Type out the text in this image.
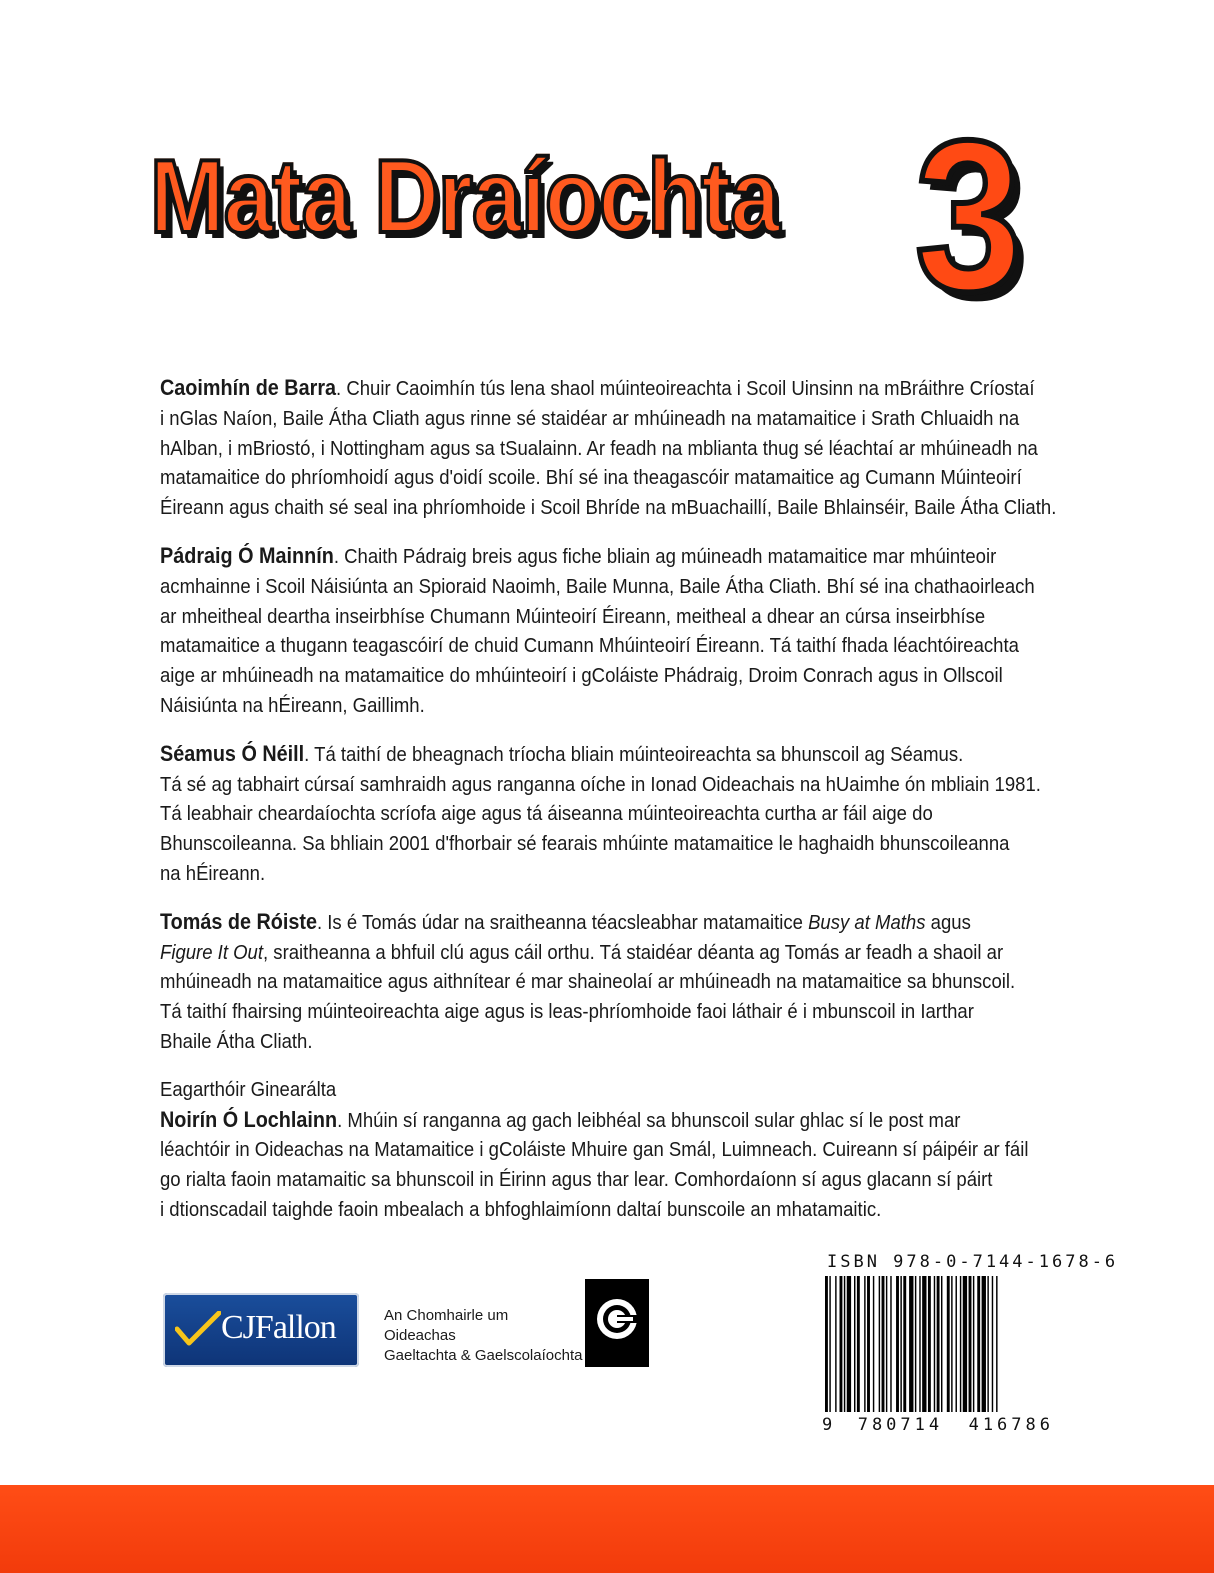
Mata Draíochta 3

Caoimhín de Barra. Chuir Caoimhín tús lena shaol múinteoireachta i Scoil Uinsinn na mBráithre Críostaí
i nGlas Naíon, Baile Átha Cliath agus rinne sé staidéar ar mhúineadh na matamaitice i Srath Chluaidh na
hAlban, i mBriostó, i Nottingham agus sa tSualainn. Ar feadh na mblianta thug sé léachtaí ar mhúineadh na
matamaitice do phríomhoidí agus d'oidí scoile. Bhí sé ina theagascóir matamaitice ag Cumann Múinteoirí
Éireann agus chaith sé seal ina phríomhoide i Scoil Bhríde na mBuachaillí, Baile Bhlainséir, Baile Átha Cliath.

Pádraig Ó Mainnín. Chaith Pádraig breis agus fiche bliain ag múineadh matamaitice mar mhúinteoir
acmhainne i Scoil Náisiúnta an Spioraid Naoimh, Baile Munna, Baile Átha Cliath. Bhí sé ina chathaoirleach
ar mheitheal deartha inseirbhíse Chumann Múinteoirí Éireann, meitheal a dhear an cúrsa inseirbhíse
matamaitice a thugann teagascóirí de chuid Cumann Mhúinteoirí Éireann. Tá taithí fhada léachtóireachta
aige ar mhúineadh na matamaitice do mhúinteoirí i gColáiste Phádraig, Droim Conrach agus in Ollscoil
Náisiúnta na hÉireann, Gaillimh.

Séamus Ó Néill. Tá taithí de bheagnach tríocha bliain múinteoireachta sa bhunscoil ag Séamus.
Tá sé ag tabhairt cúrsaí samhraidh agus ranganna oíche in Ionad Oideachais na hUaimhe ón mbliain 1981.
Tá leabhair cheardaíochta scríofa aige agus tá áiseanna múinteoireachta curtha ar fáil aige do
Bhunscoileanna. Sa bhliain 2001 d'fhorbair sé fearais mhúinte matamaitice le haghaidh bhunscoileanna
na hÉireann.

Tomás de Róiste. Is é Tomás údar na sraitheanna téacsleabhar matamaitice Busy at Maths agus
Figure It Out, sraitheanna a bhfuil clú agus cáil orthu. Tá staidéar déanta ag Tomás ar feadh a shaoil ar
mhúineadh na matamaitice agus aithnítear é mar shaineolaí ar mhúineadh na matamaitice sa bhunscoil.
Tá taithí fhairsing múinteoireachta aige agus is leas-phríomhoide faoi láthair é i mbunscoil in Iarthar
Bhaile Átha Cliath.

Eagarthóir Ginearálta

Noirín Ó Lochlainn. Mhúin sí ranganna ag gach leibhéal sa bhunscoil sular ghlac sí le post mar
léachtóir in Oideachas na Matamaitice i gColáiste Mhuire gan Smál, Luimneach. Cuireann sí páipéir ar fáil
go rialta faoin matamaitic sa bhunscoil in Éirinn agus thar lear. Comhordaíonn sí agus glacann sí páirt
i dtionscadail taighde faoin mbealach a bhfoghlaimíonn daltaí bunscoile an mhatamaitic.

CJFallon	An Chomhairle um Oideachas
Gaeltachta & Gaelscolaíochta
ISBN 978-0-7144-1678-6
9 780714 416786
